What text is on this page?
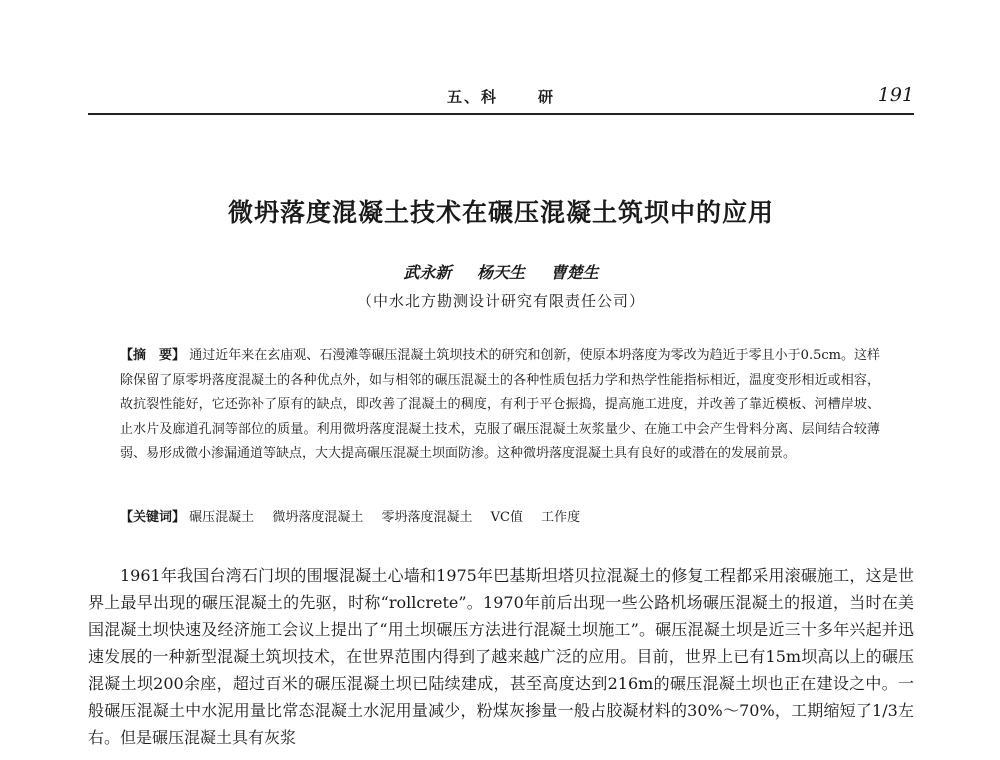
五、科	研	191
微坍落度混凝土技术在碾压混凝土筑坝中的应用
武永新 杨天生 曹楚生
（中水北方勘测设计研究有限责任公司）
【摘　要】 通过近年来在玄庙观、石漫滩等碾压混凝土筑坝技术的研究和创新，使原本坍落度为零改为趋近于零且小于0.5cm。这样除保留了原零坍落度混凝土的各种优点外，如与相邻的碾压混凝土的各种性质包括力学和热学性能指标相近，温度变形相近或相容，故抗裂性能好，它还弥补了原有的缺点，即改善了混凝土的稠度，有利于平仓振捣，提高施工进度，并改善了靠近模板、河槽岸坡、止水片及廊道孔洞等部位的质量。利用微坍落度混凝土技术，克服了碾压混凝土灰浆量少、在施工中会产生骨料分离、层间结合较薄弱、易形成微小渗漏通道等缺点，大大提高碾压混凝土坝面防渗。这种微坍落度混凝土具有良好的或潜在的发展前景。
【关键词】 碾压混凝土 微坍落度混凝土 零坍落度混凝土 VC值 工作度
1961年我国台湾石门坝的围堰混凝土心墙和1975年巴基斯坦塔贝拉混凝土的修复工程都采用滚碾施工，这是世界上最早出现的碾压混凝土的先驱，时称“rollcrete”。1970年前后出现一些公路机场碾压混凝土的报道，当时在美国混凝土坝快速及经济施工会议上提出了“用土坝碾压方法进行混凝土坝施工”。碾压混凝土坝是近三十多年兴起并迅速发展的一种新型混凝土筑坝技术，在世界范围内得到了越来越广泛的应用。目前，世界上已有15m坝高以上的碾压混凝土坝200余座，超过百米的碾压混凝土坝已陆续建成，甚至高度达到216m的碾压混凝土坝也正在建设之中。一般碾压混凝土中水泥用量比常态混凝土水泥用量减少，粉煤灰掺量一般占胶凝材料的30%～70%，工期缩短了1/3左右。但是碾压混凝土具有灰浆
